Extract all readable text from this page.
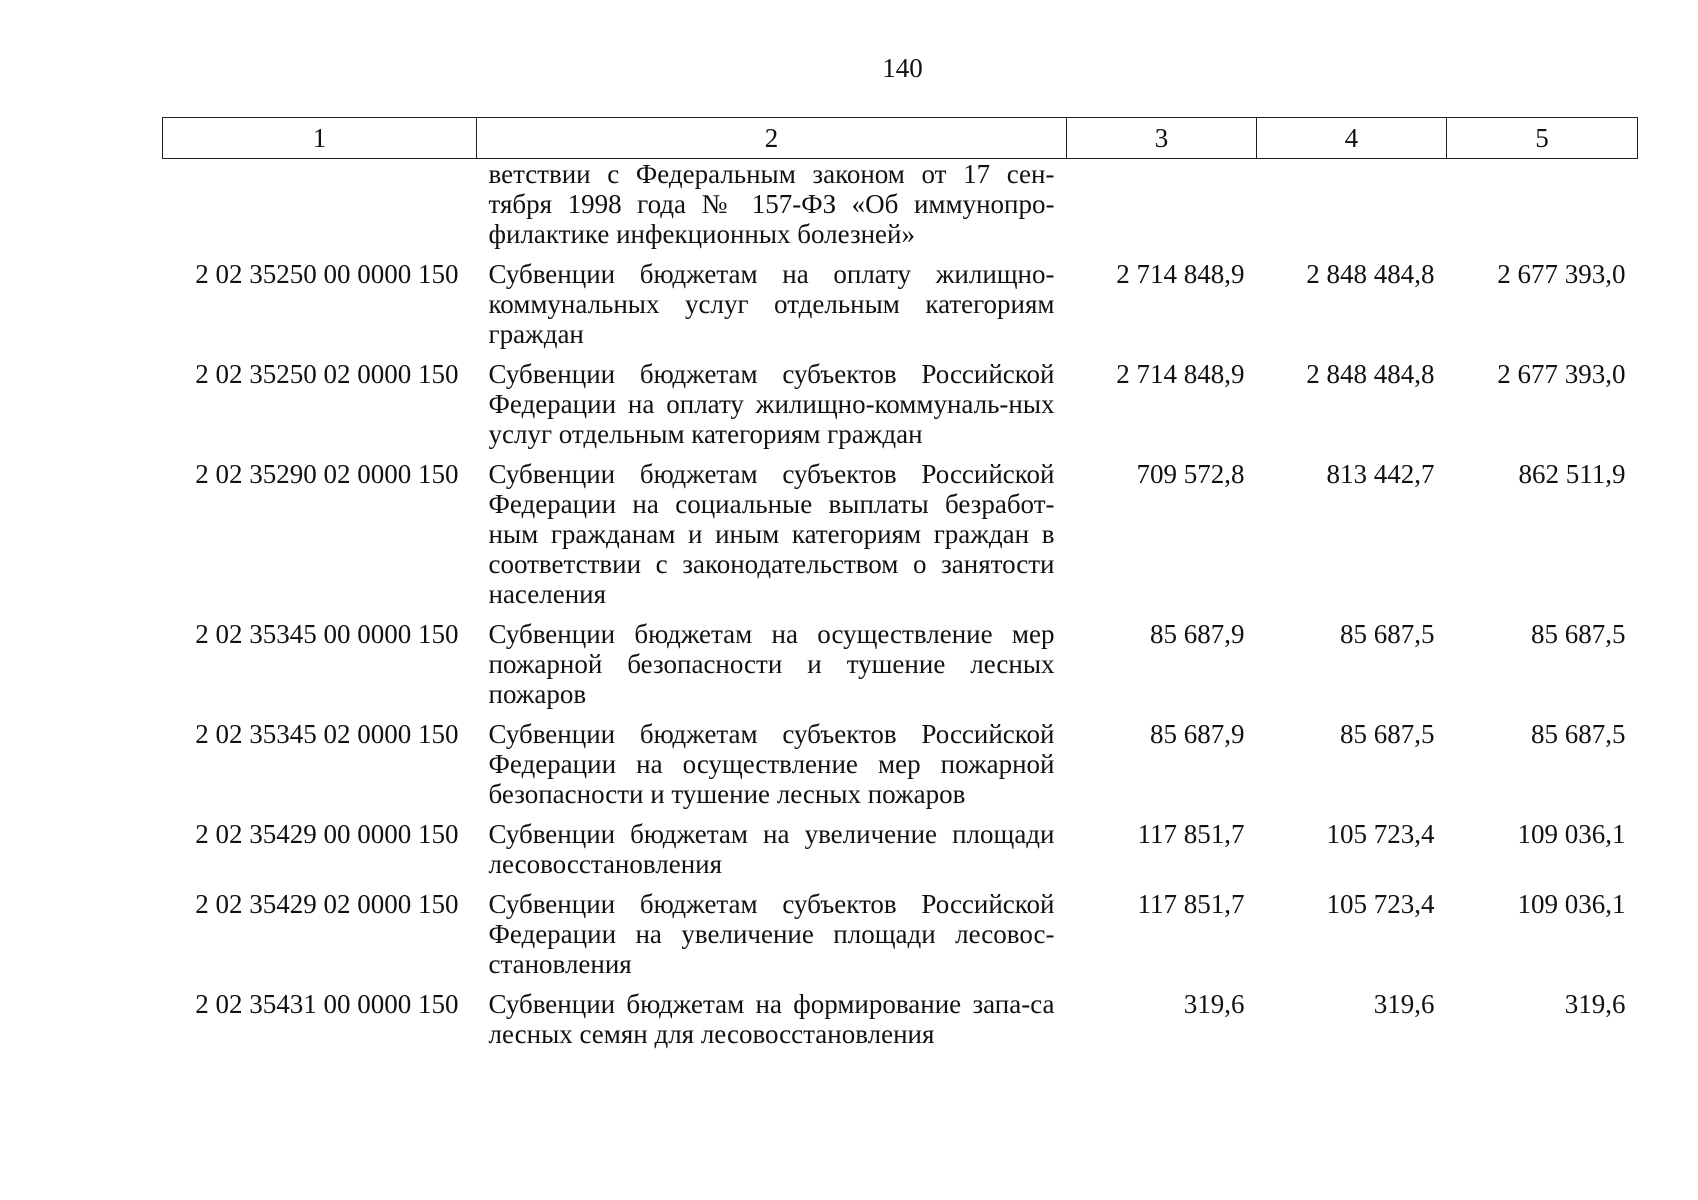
140
1	2	3	4	5
	ветствии с Федеральным законом от 17 сен-тября 1998 года № 157-ФЗ «Об иммунопро-филактике инфекционных болезней»			
2 02 35250 00 0000 150	Субвенции бюджетам на оплату жилищно-коммунальных услуг отдельным категориям граждан	2 714 848,9	2 848 484,8	2 677 393,0
2 02 35250 02 0000 150	Субвенции бюджетам субъектов Российской Федерации на оплату жилищно-коммуналь-ных услуг отдельным категориям граждан	2 714 848,9	2 848 484,8	2 677 393,0
2 02 35290 02 0000 150	Субвенции бюджетам субъектов Российской Федерации на социальные выплаты безработ-ным гражданам и иным категориям граждан в соответствии с законодательством о занятости населения	709 572,8	813 442,7	862 511,9
2 02 35345 00 0000 150	Субвенции бюджетам на осуществление мер пожарной безопасности и тушение лесных пожаров	85 687,9	85 687,5	85 687,5
2 02 35345 02 0000 150	Субвенции бюджетам субъектов Российской Федерации на осуществление мер пожарной безопасности и тушение лесных пожаров	85 687,9	85 687,5	85 687,5
2 02 35429 00 0000 150	Субвенции бюджетам на увеличение площади лесовосстановления	117 851,7	105 723,4	109 036,1
2 02 35429 02 0000 150	Субвенции бюджетам субъектов Российской Федерации на увеличение площади лесовос-становления	117 851,7	105 723,4	109 036,1
2 02 35431 00 0000 150	Субвенции бюджетам на формирование запа-са лесных семян для лесовосстановления	319,6	319,6	319,6
